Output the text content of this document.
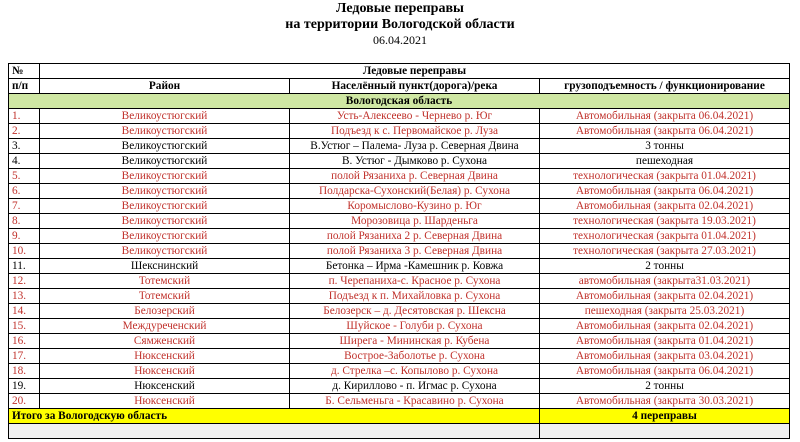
Ледовые переправы
на территории Вологодской области
06.04.2021
№	Ледовые переправы		
п/п	Район	Населённый пункт(дорога)/река	грузоподъемность / функционирование
Вологодская область			
1.	Великоустюгский	Усть-Алексеево - Чернево р. Юг	Автомобильная (закрыта 06.04.2021)
2.	Великоустюгский	Подъезд к с. Первомайское р. Луза	Автомобильная (закрыта 06.04.2021)
3.	Великоустюгский	В.Устюг – Палема- Луза р. Северная Двина	3 тонны
4.	Великоустюгский	В. Устюг - Дымково р. Сухона	пешеходная
5.	Великоустюгский	полой Рязаниха р. Северная Двина	технологическая (закрыта 01.04.2021)
6.	Великоустюгский	Полдарска-Сухонский(Белая) р. Сухона	Автомобильная (закрыта 06.04.2021)
7.	Великоустюгский	Коромыслово-Кузино р. Юг	Автомобильная (закрыта 02.04.2021)
8.	Великоустюгский	Морозовица р. Шарденьга	технологическая (закрыта 19.03.2021)
9.	Великоустюгский	полой Рязаниха 2 р. Северная Двина	технологическая (закрыта 01.04.2021)
10.	Великоустюгский	полой Рязаниха 3 р. Северная Двина	технологическая (закрыта 27.03.2021)
11.	Шекснинский	Бетонка – Ирма -Камешник р. Ковжа	2 тонны
12.	Тотемский	п. Черепаниха-с. Красное р. Сухона	автомобильная (закрыта31.03.2021)
13.	Тотемский	Подъезд к п. Михайловка р. Сухона	Автомобильная (закрыта 02.04.2021)
14.	Белозерский	Белозерск – д. Десятовская р. Шексна	пешеходная (закрыта 25.03.2021)
15.	Междуреченский	Шуйское - Голуби р. Сухона	Автомобильная (закрыта 02.04.2021)
16.	Сямженский	Ширега - Мининская р. Кубена	Автомобильная (закрыта 01.04.2021)
17.	Нюксенский	Вострое-Заболотье р. Сухона	Автомобильная (закрыта 03.04.2021)
18.	Нюксенский	д. Стрелка –с. Копылово р. Сухона	Автомобильная (закрыта 06.04.2021)
19.	Нюксенский	д. Кириллово - п. Игмас р. Сухона	2 тонны
20.	Нюксенский	Б. Сельменьга - Красавино р. Сухона	Автомобильная (закрыта 30.03.2021)
Итого за Вологодскую область			4 переправы
